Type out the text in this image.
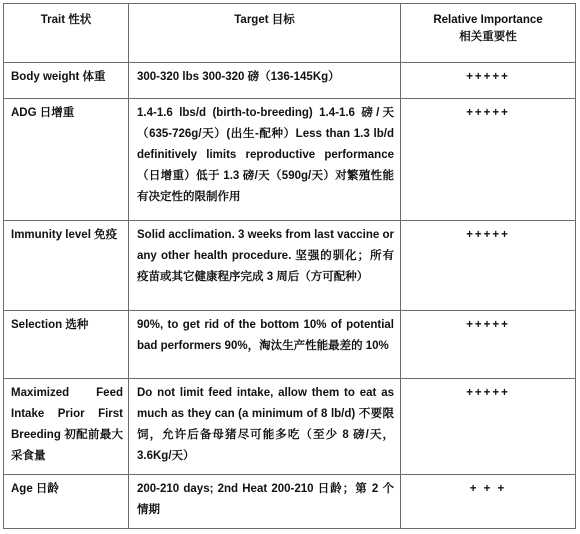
Trait 性状	Target 目标	Relative Importance
相关重要性

Body weight 体重	300-320 lbs 300-320 磅（136-145Kg）	+++++

ADG 日增重	1.4-1.6 lbs/d (birth-to-breeding) 1.4-1.6 磅/天（635-726g/天）(出生-配种）Less than 1.3 lb/d definitively limits reproductive performance （日增重）低于 1.3 磅/天（590g/天）对繁殖性能有决定性的限制作用	+++++

Immunity level 免疫	Solid acclimation. 3 weeks from last vaccine or any other health procedure. 坚强的驯化；所有疫苗或其它健康程序完成 3 周后（方可配种）	+++++

Selection 选种	90%, to get rid of the bottom 10% of potential bad performers 90%，淘汰生产性能最差的 10%	+++++

Maximized Feed Intake Prior First Breeding 初配前最大采食量	Do not limit feed intake, allow them to eat as much as they can (a minimum of 8 lb/d) 不要限饲，允许后备母猪尽可能多吃（至少 8 磅/天，3.6Kg/天）	+++++

Age 日龄	200-210 days; 2nd Heat 200-210 日龄；第 2 个情期	+ + +
